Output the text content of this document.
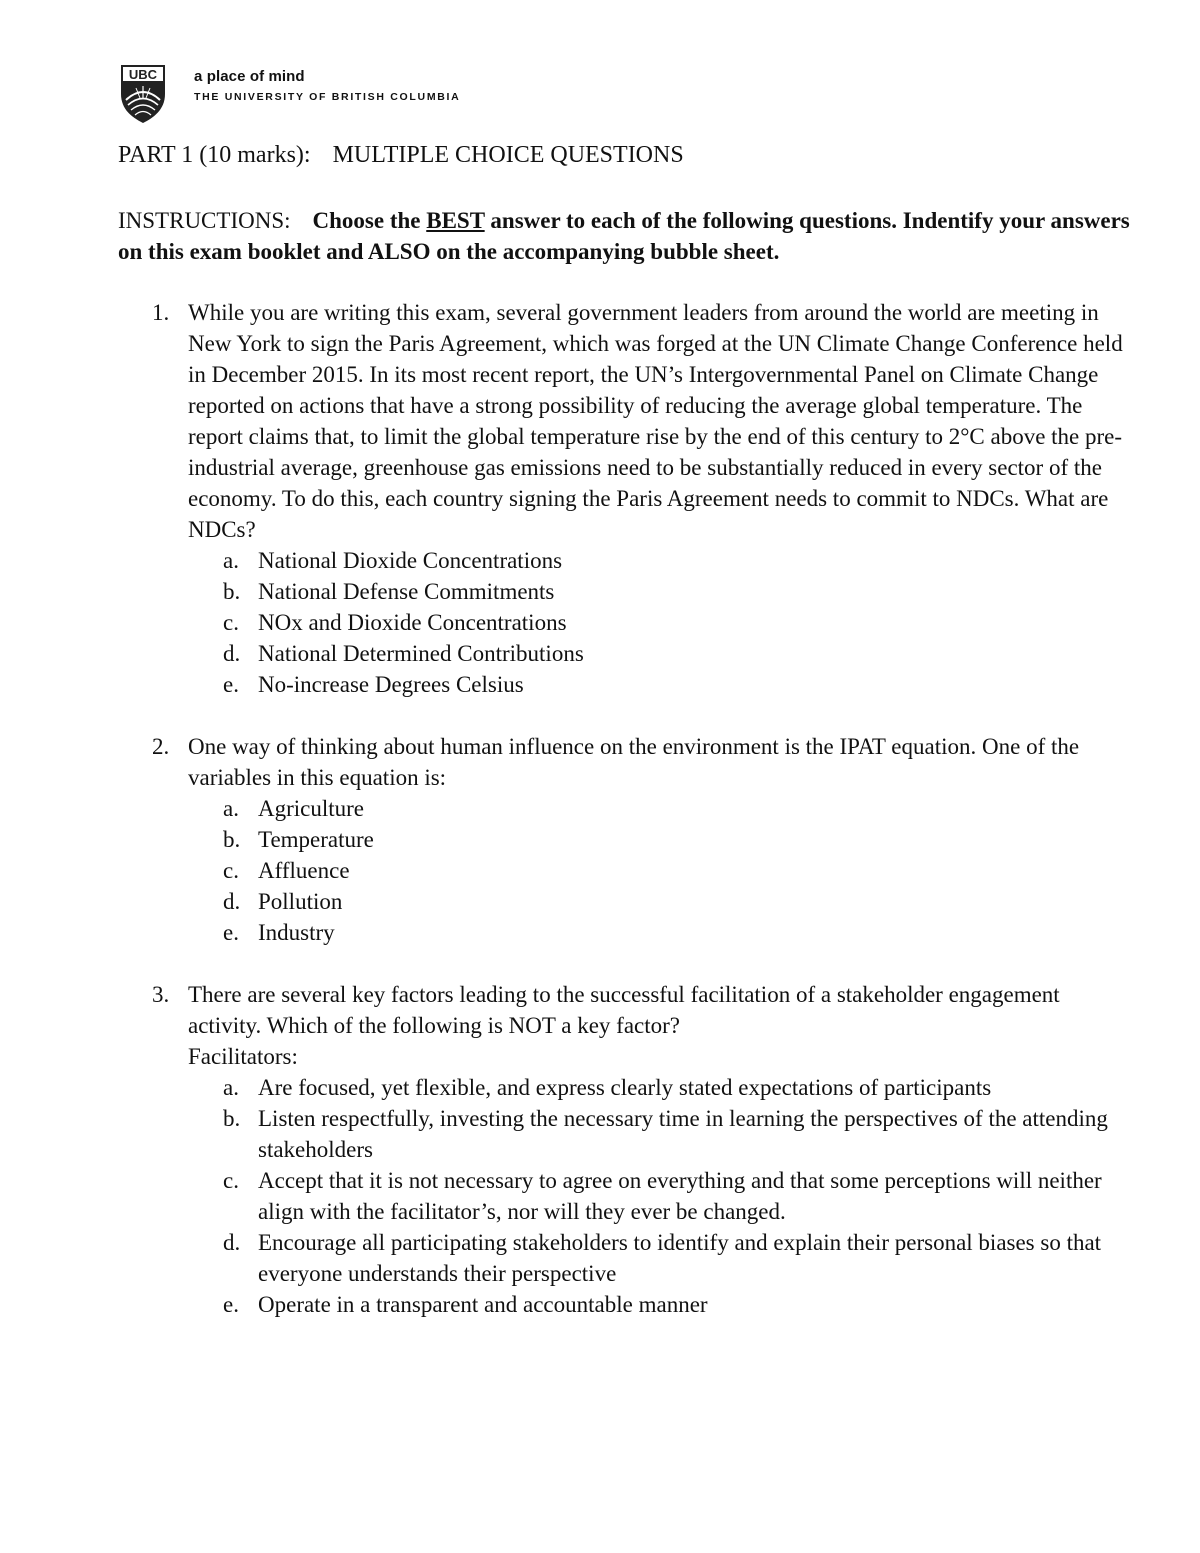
UBC a place of mind
THE UNIVERSITY OF BRITISH COLUMBIA

PART 1 (10 marks): MULTIPLE CHOICE QUESTIONS

INSTRUCTIONS: Choose the BEST answer to each of the following questions. Indentify your answers on this exam booklet and ALSO on the accompanying bubble sheet.
1. While you are writing this exam, several government leaders from around the world are meeting in New York to sign the Paris Agreement, which was forged at the UN Climate Change Conference held in December 2015. In its most recent report, the UN’s Intergovernmental Panel on Climate Change reported on actions that have a strong possibility of reducing the average global temperature. The report claims that, to limit the global temperature rise by the end of this century to 2°C above the pre-industrial average, greenhouse gas emissions need to be substantially reduced in every sector of the economy. To do this, each country signing the Paris Agreement needs to commit to NDCs. What are NDCs?

a. National Dioxide Concentrations
b. National Defense Commitments
c. NOx and Dioxide Concentrations
d. National Determined Contributions
e. No-increase Degrees Celsius
2. One way of thinking about human influence on the environment is the IPAT equation. One of the variables in this equation is:

a. Agriculture
b. Temperature
c. Affluence
d. Pollution
e. Industry
3. There are several key factors leading to the successful facilitation of a stakeholder engagement activity. Which of the following is NOT a key factor?

Facilitators:

a. Are focused, yet flexible, and express clearly stated expectations of participants
b. Listen respectfully, investing the necessary time in learning the perspectives of the attending stakeholders
c. Accept that it is not necessary to agree on everything and that some perceptions will neither align with the facilitator’s, nor will they ever be changed.
d. Encourage all participating stakeholders to identify and explain their personal biases so that everyone understands their perspective
e. Operate in a transparent and accountable manner
